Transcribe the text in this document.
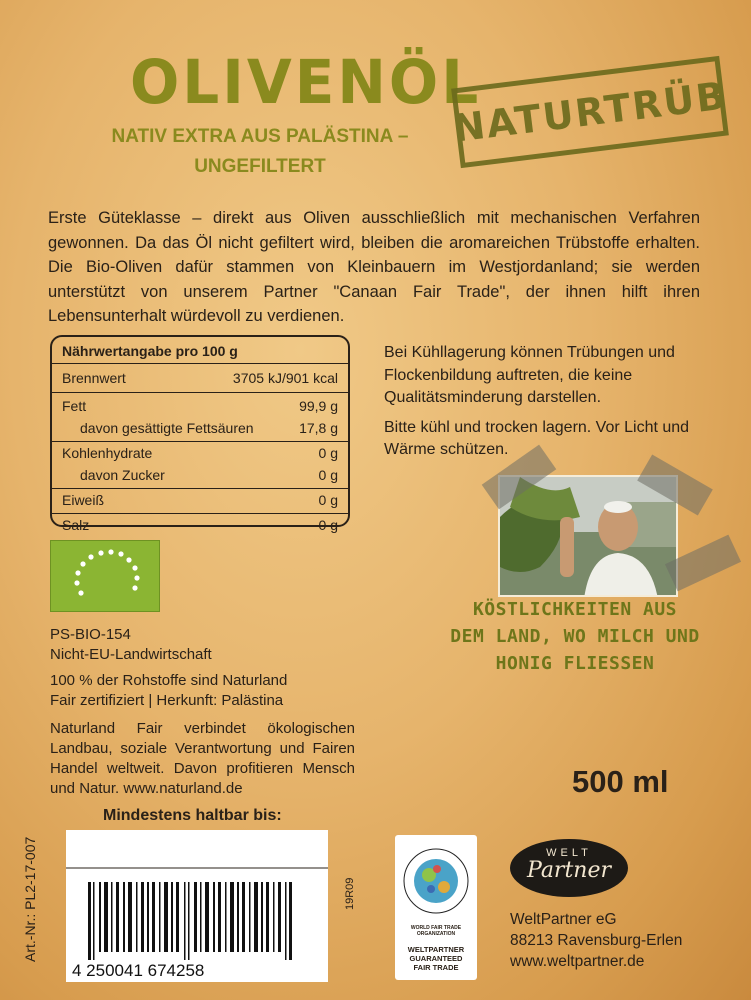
OLIVENÖL
NATIV EXTRA AUS PALÄSTINA –
UNGEFILTERT
NATURTRÜB
Erste Güteklasse – direkt aus Oliven ausschließlich mit mechanischen Verfahren gewonnen. Da das Öl nicht gefiltert wird, bleiben die aromareichen Trübstoffe erhalten. Die Bio-Oliven dafür stammen von Kleinbauern im Westjordanland; sie werden unterstützt von unserem Partner "Canaan Fair Trade", der ihnen hilft ihren Lebensunterhalt würdevoll zu verdienen.
Nährwertangabe pro 100 g
Brennwert	3705 kJ/901 kcal
Fett	99,9 g
davon gesättigte Fettsäuren	17,8 g
Kohlenhydrate	0 g
davon Zucker	0 g
Eiweiß	0 g
Salz	0 g

Bei Kühllagerung können Trübungen und Flockenbildung auftreten, die keine Qualitätsminderung darstellen.

Bitte kühl und trocken lagern. Vor Licht und Wärme schützen.

KÖSTLICHKEITEN AUS
DEM LAND, WO MILCH UND
HONIG FLIESSEN
PS-BIO-154
Nicht-EU-Landwirtschaft
100 % der Rohstoffe sind Naturland
Fair zertifiziert | Herkunft: Palästina
Naturland Fair verbindet ökologischen Landbau, soziale Verantwortung und Fairen Handel weltweit. Davon profitieren Mensch und Natur. www.naturland.de	500 ml
Mindestens haltbar bis:
4 250041 674258
Art.-Nr.: PL2-17-007	19R09
WORLD FAIR TRADE ORGANIZATION
WELTPARTNER
GUARANTEED
FAIR TRADE
WELT
Partner
WeltPartner eG
88213 Ravensburg-Erlen
www.weltpartner.de
